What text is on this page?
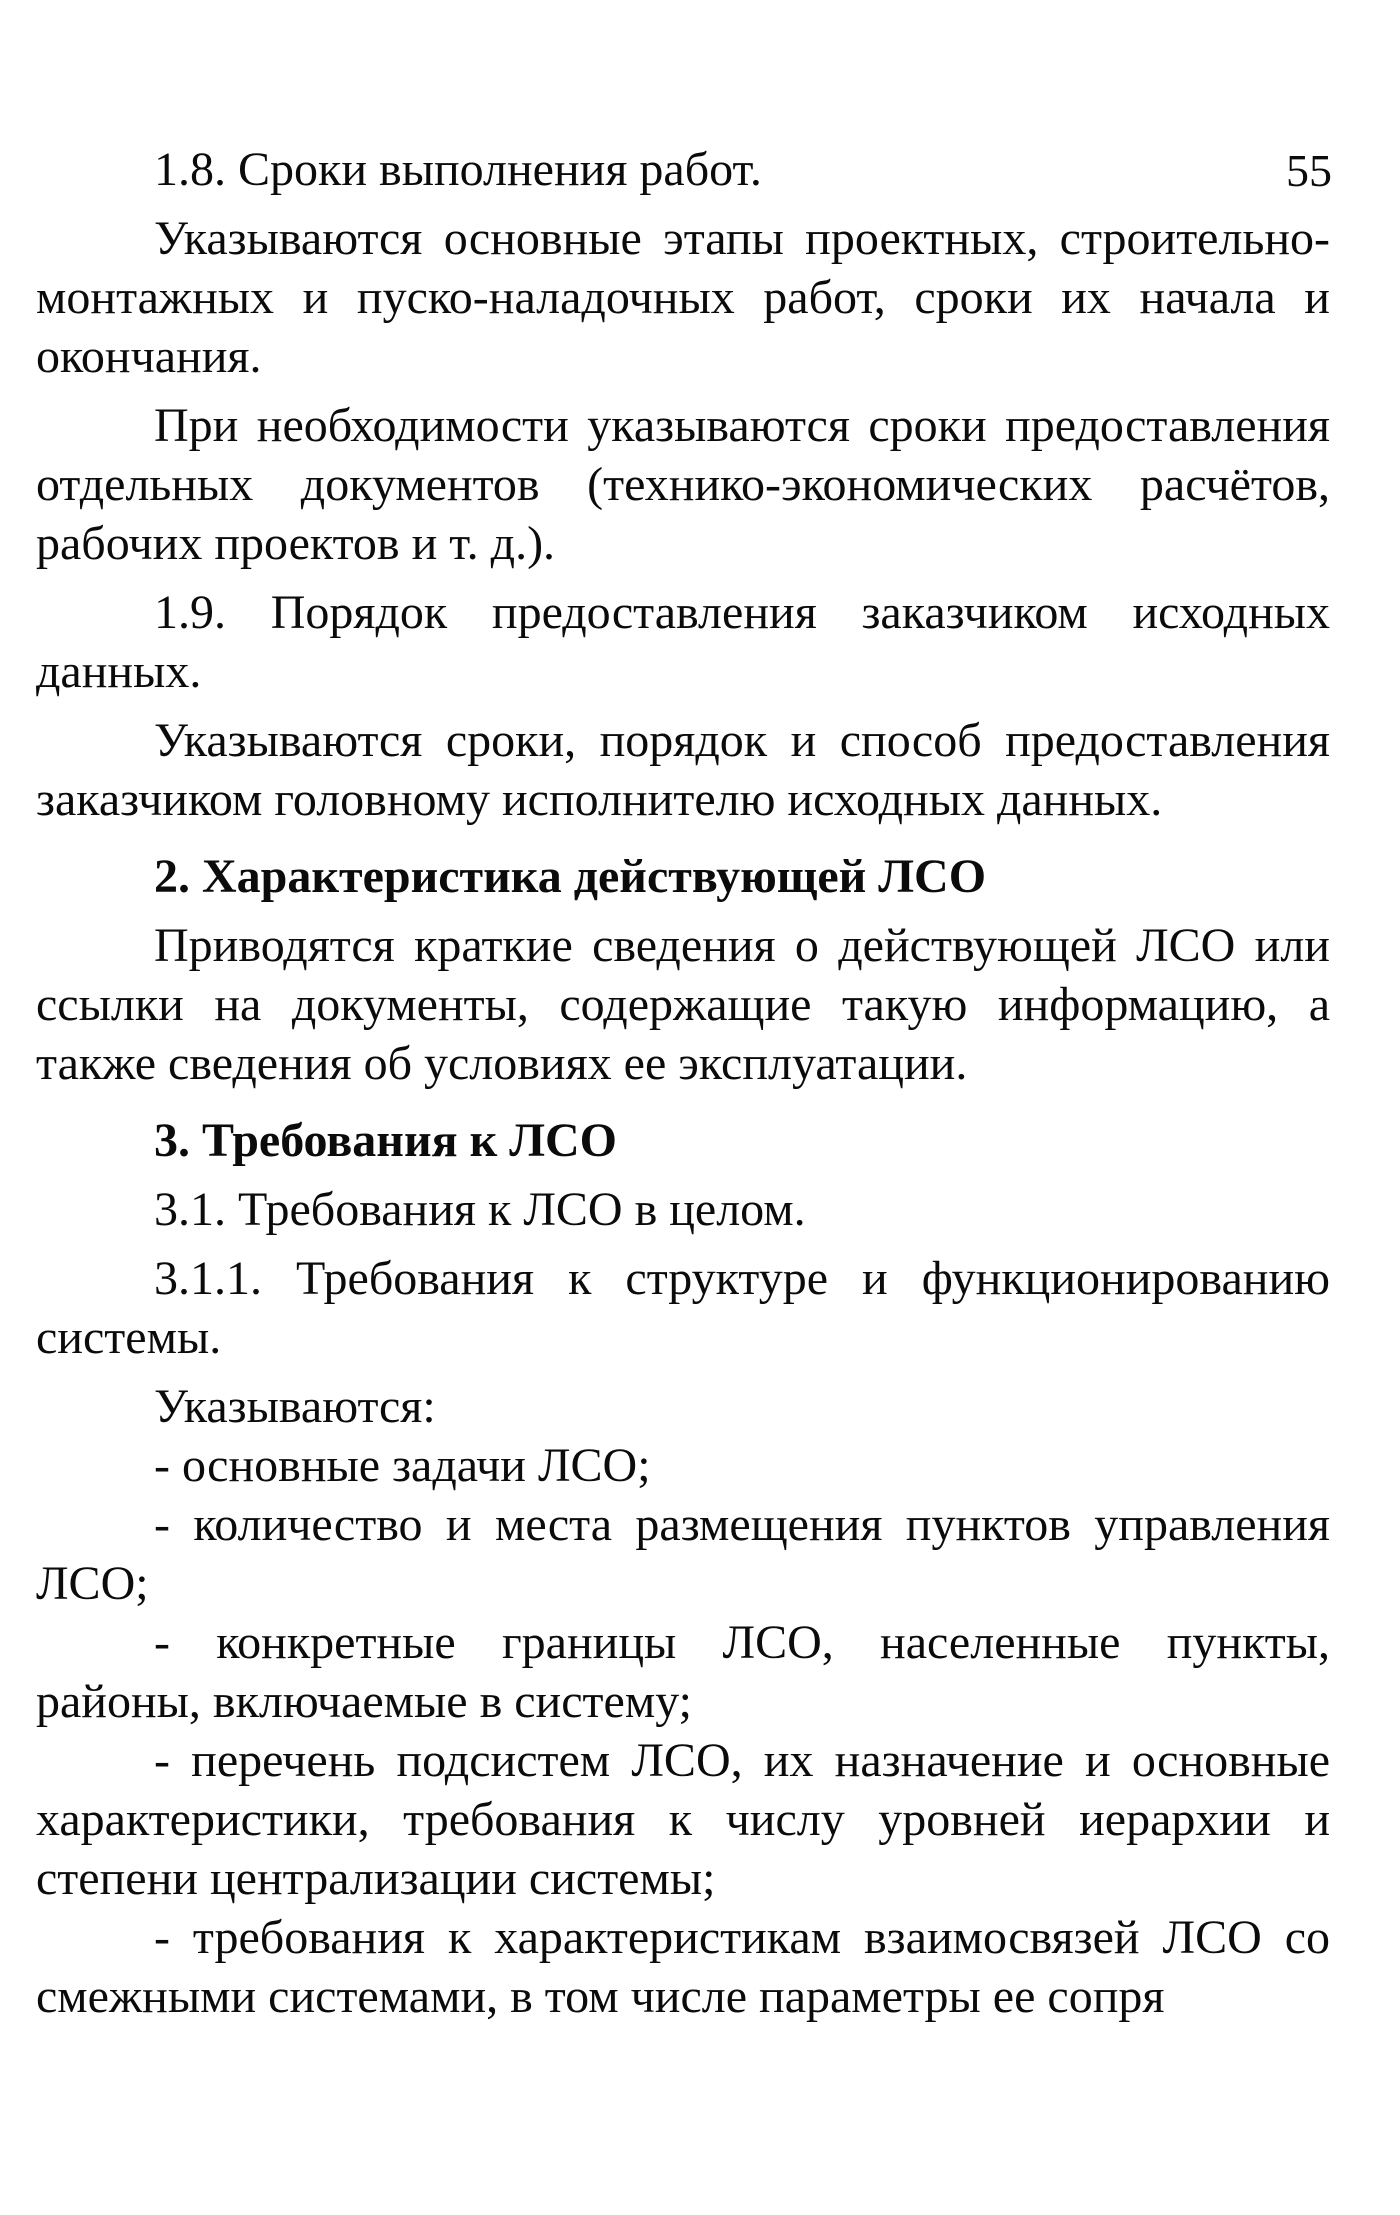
55

1.8. Сроки выполнения работ.

Указываются основные этапы проектных, строительно-монтажных и пуско-наладочных работ, сроки их начала и окончания.

При необходимости указываются сроки предоставления отдельных документов (технико-экономических расчётов, рабочих проектов и т. д.).

1.9. Порядок предоставления заказчиком исходных данных.

Указываются сроки, порядок и способ предоставления заказчиком головному исполнителю исходных данных.

2. Характеристика действующей ЛСО

Приводятся краткие сведения о действующей ЛСО или ссылки на документы, содержащие такую информацию, а также сведения об условиях ее эксплуатации.

3. Требования к ЛСО

3.1. Требования к ЛСО в целом.

3.1.1. Требования к структуре и функционированию системы.

Указываются:

- основные задачи ЛСО;

- количество и места размещения пунктов управления ЛСО;

- конкретные границы ЛСО, населенные пункты, районы, включаемые в систему;

- перечень подсистем ЛСО, их назначение и основные характеристики, требования к числу уровней иерархии и степени централизации системы;

- требования к характеристикам взаимосвязей ЛСО со смежными системами, в том числе параметры ее сопря
